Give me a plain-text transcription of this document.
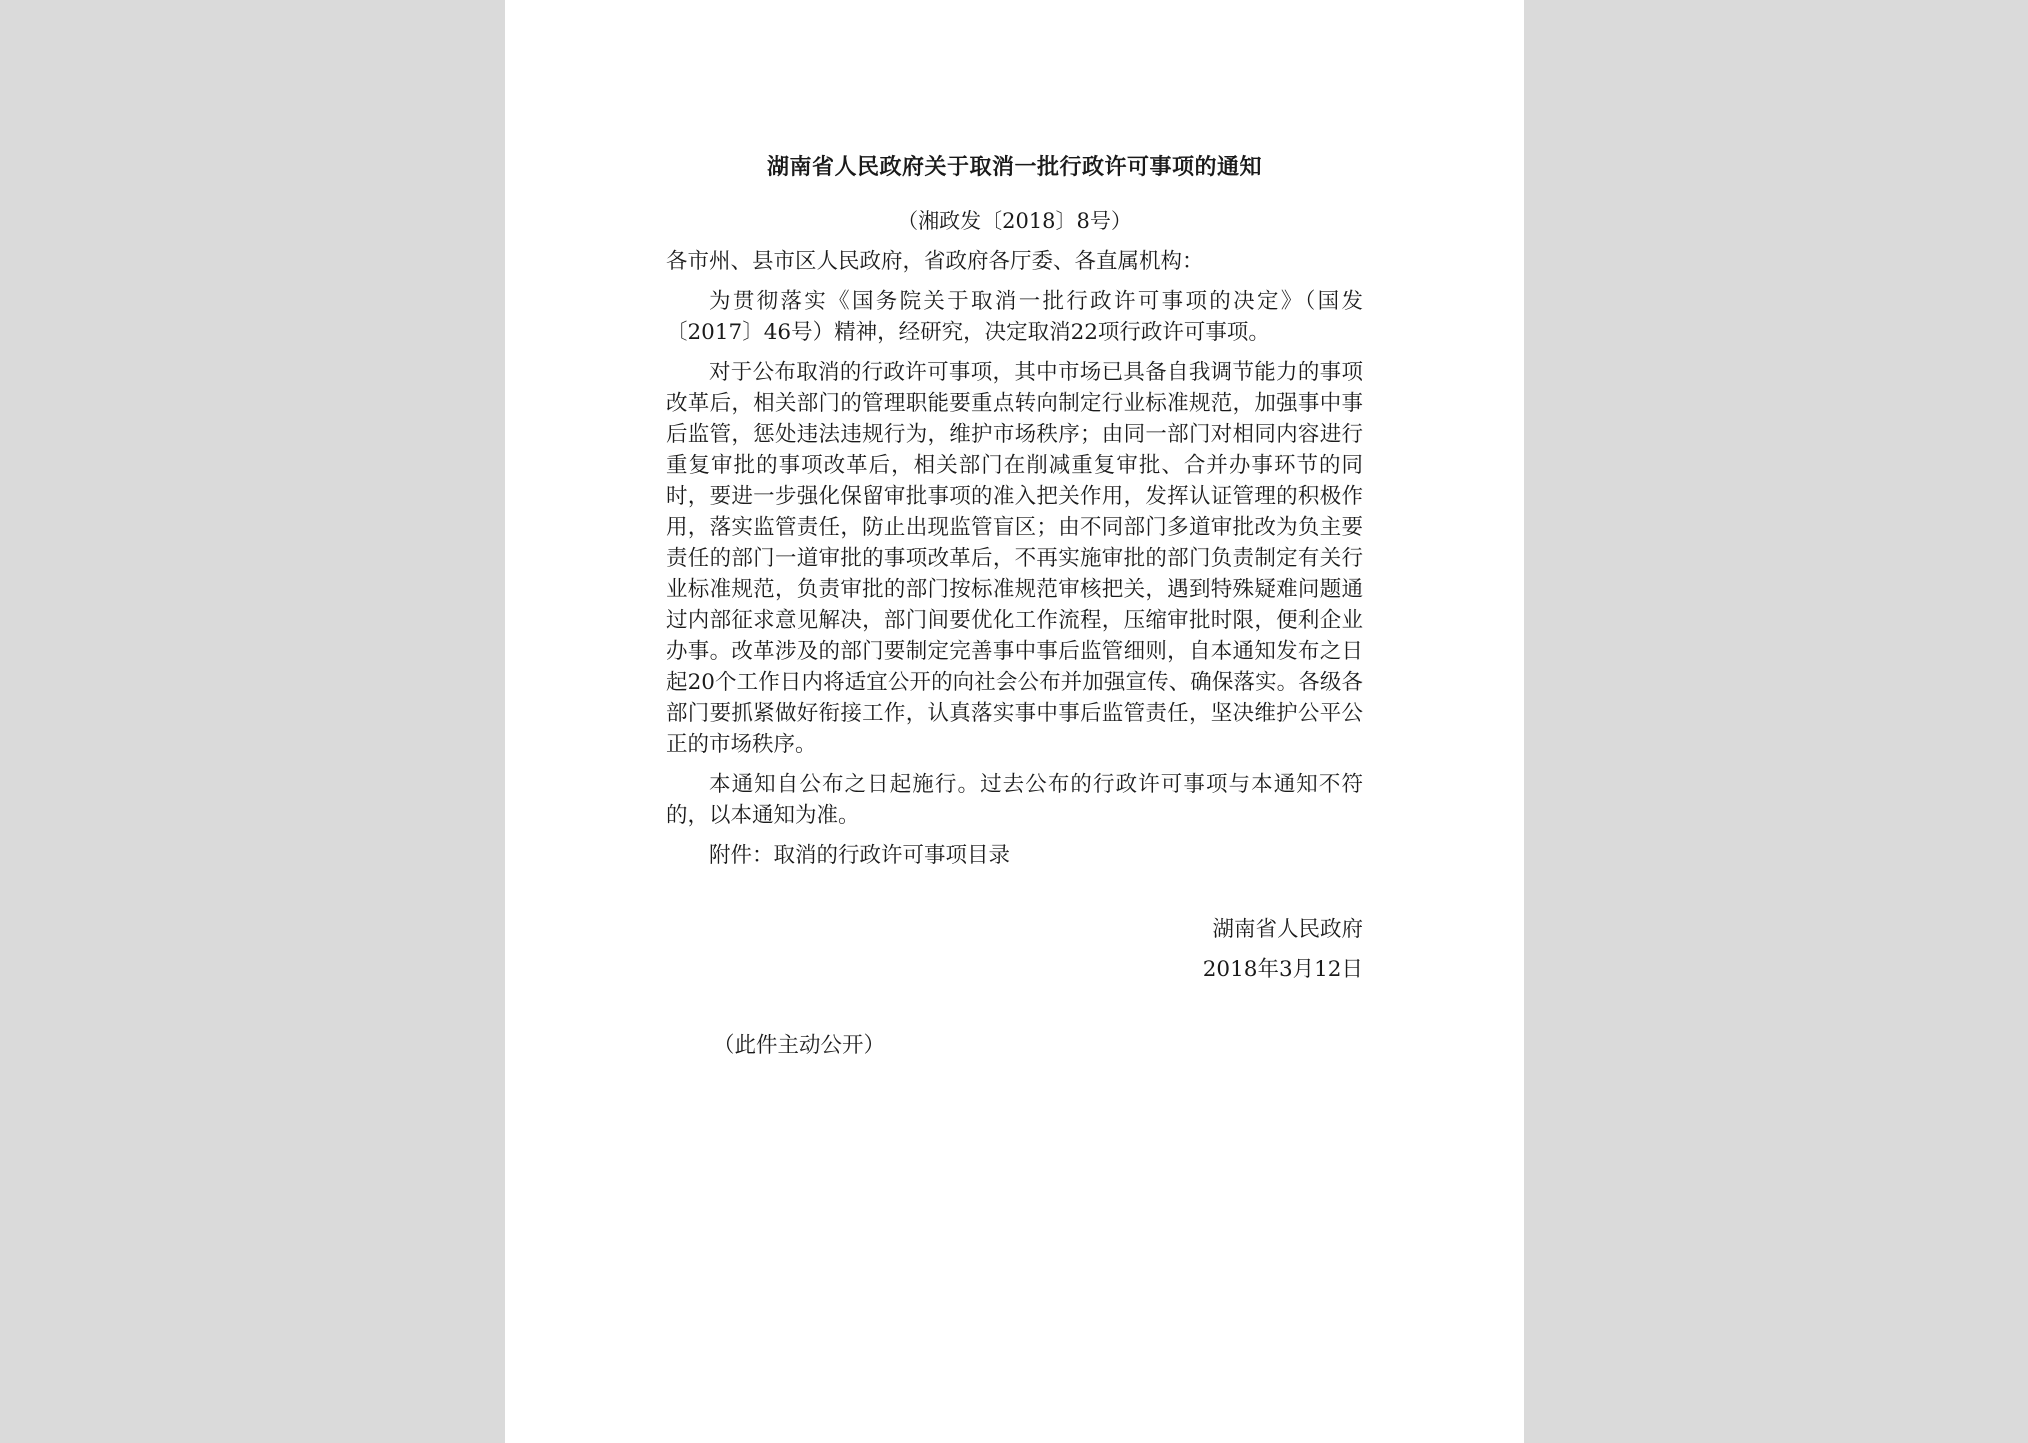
湖南省人民政府关于取消一批行政许可事项的通知
（湘政发〔2018〕8号）

各市州、县市区人民政府，省政府各厅委、各直属机构：

为贯彻落实《国务院关于取消一批行政许可事项的决定》（国发〔2017〕46号）精神，经研究，决定取消22项行政许可事项。

对于公布取消的行政许可事项，其中市场已具备自我调节能力的事项改革后，相关部门的管理职能要重点转向制定行业标准规范，加强事中事后监管，惩处违法违规行为，维护市场秩序；由同一部门对相同内容进行重复审批的事项改革后，相关部门在削减重复审批、合并办事环节的同时，要进一步强化保留审批事项的准入把关作用，发挥认证管理的积极作用，落实监管责任，防止出现监管盲区；由不同部门多道审批改为负主要责任的部门一道审批的事项改革后，不再实施审批的部门负责制定有关行业标准规范，负责审批的部门按标准规范审核把关，遇到特殊疑难问题通过内部征求意见解决，部门间要优化工作流程，压缩审批时限，便利企业办事。改革涉及的部门要制定完善事中事后监管细则，自本通知发布之日起20个工作日内将适宜公开的向社会公布并加强宣传、确保落实。各级各部门要抓紧做好衔接工作，认真落实事中事后监管责任，坚决维护公平公正的市场秩序。

本通知自公布之日起施行。过去公布的行政许可事项与本通知不符的，以本通知为准。

附件：取消的行政许可事项目录

湖南省人民政府
2018年3月12日
（此件主动公开）
